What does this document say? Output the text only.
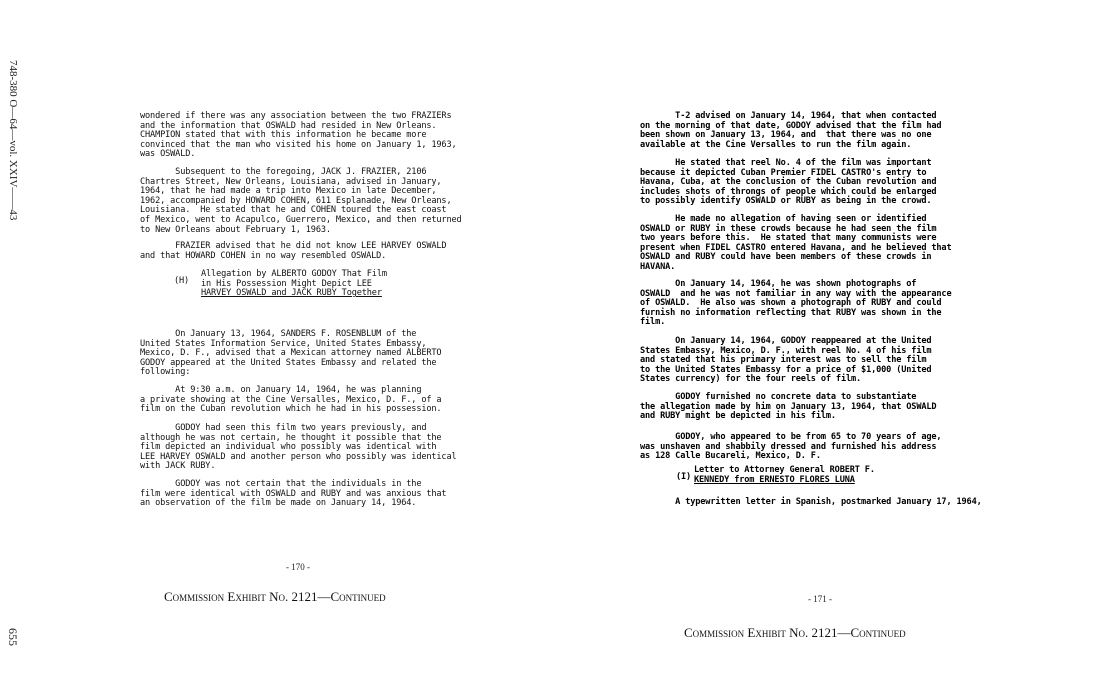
748-380 O—64—vol. XXIV——43
655
wondered if there was any association between the two FRAZIERs
and the information that OSWALD had resided in New Orleans.
CHAMPION stated that with this information he became more
convinced that the man who visited his home on January 1, 1963,
was OSWALD.
Subsequent to the foregoing, JACK J. FRAZIER, 2106
Chartres Street, New Orleans, Louisiana, advised in January,
1964, that he had made a trip into Mexico in late December,
1962, accompanied by HOWARD COHEN, 611 Esplanade, New Orleans,
Louisiana.  He stated that he and COHEN toured the east coast
of Mexico, went to Acapulco, Guerrero, Mexico, and then returned
to New Orleans about February 1, 1963.
FRAZIER advised that he did not know LEE HARVEY OSWALD
and that HOWARD COHEN in no way resembled OSWALD.
(H)
Allegation by ALBERTO GODOY That Film
in His Possession Might Depict LEE
HARVEY OSWALD and JACK RUBY Together
On January 13, 1964, SANDERS F. ROSENBLUM of the
United States Information Service, United States Embassy,
Mexico, D. F., advised that a Mexican attorney named ALBERTO
GODOY appeared at the United States Embassy and related the
following:
At 9:30 a.m. on January 14, 1964, he was planning
a private showing at the Cine Versalles, Mexico, D. F., of a
film on the Cuban revolution which he had in his possession.
GODOY had seen this film two years previously, and
although he was not certain, he thought it possible that the
film depicted an individual who possibly was identical with
LEE HARVEY OSWALD and another person who possibly was identical
with JACK RUBY.
GODOY was not certain that the individuals in the
film were identical with OSWALD and RUBY and was anxious that
an observation of the film be made on January 14, 1964.
- 170 -
Commission Exhibit No. 2121—Continued
T-2 advised on January 14, 1964, that when contacted
on the morning of that date, GODOY advised that the film had
been shown on January 13, 1964, and  that there was no one
available at the Cine Versalles to run the film again.
He stated that reel No. 4 of the film was important
because it depicted Cuban Premier FIDEL CASTRO's entry to
Havana, Cuba, at the conclusion of the Cuban revolution and
includes shots of throngs of people which could be enlarged
to possibly identify OSWALD or RUBY as being in the crowd.
He made no allegation of having seen or identified
OSWALD or RUBY in these crowds because he had seen the film
two years before this.  He stated that many communists were
present when FIDEL CASTRO entered Havana, and he believed that
OSWALD and RUBY could have been members of these crowds in
HAVANA.
On January 14, 1964, he was shown photographs of
OSWALD  and he was not familiar in any way with the appearance
of OSWALD.  He also was shown a photograph of RUBY and could
furnish no information reflecting that RUBY was shown in the
film.
On January 14, 1964, GODOY reappeared at the United
States Embassy, Mexico, D. F., with reel No. 4 of his film
and stated that his primary interest was to sell the film
to the United States Embassy for a price of $1,000 (United
States currency) for the four reels of film.
GODOY furnished no concrete data to substantiate
the allegation made by him on January 13, 1964, that OSWALD
and RUBY might be depicted in his film.
GODOY, who appeared to be from 65 to 70 years of age,
was unshaven and shabbily dressed and furnished his address
as 128 Calle Bucareli, Mexico, D. F.
(I)
Letter to Attorney General ROBERT F.
KENNEDY from ERNESTO FLORES LUNA
A typewritten letter in Spanish, postmarked January 17, 1964,
- 171 -
Commission Exhibit No. 2121—Continued
